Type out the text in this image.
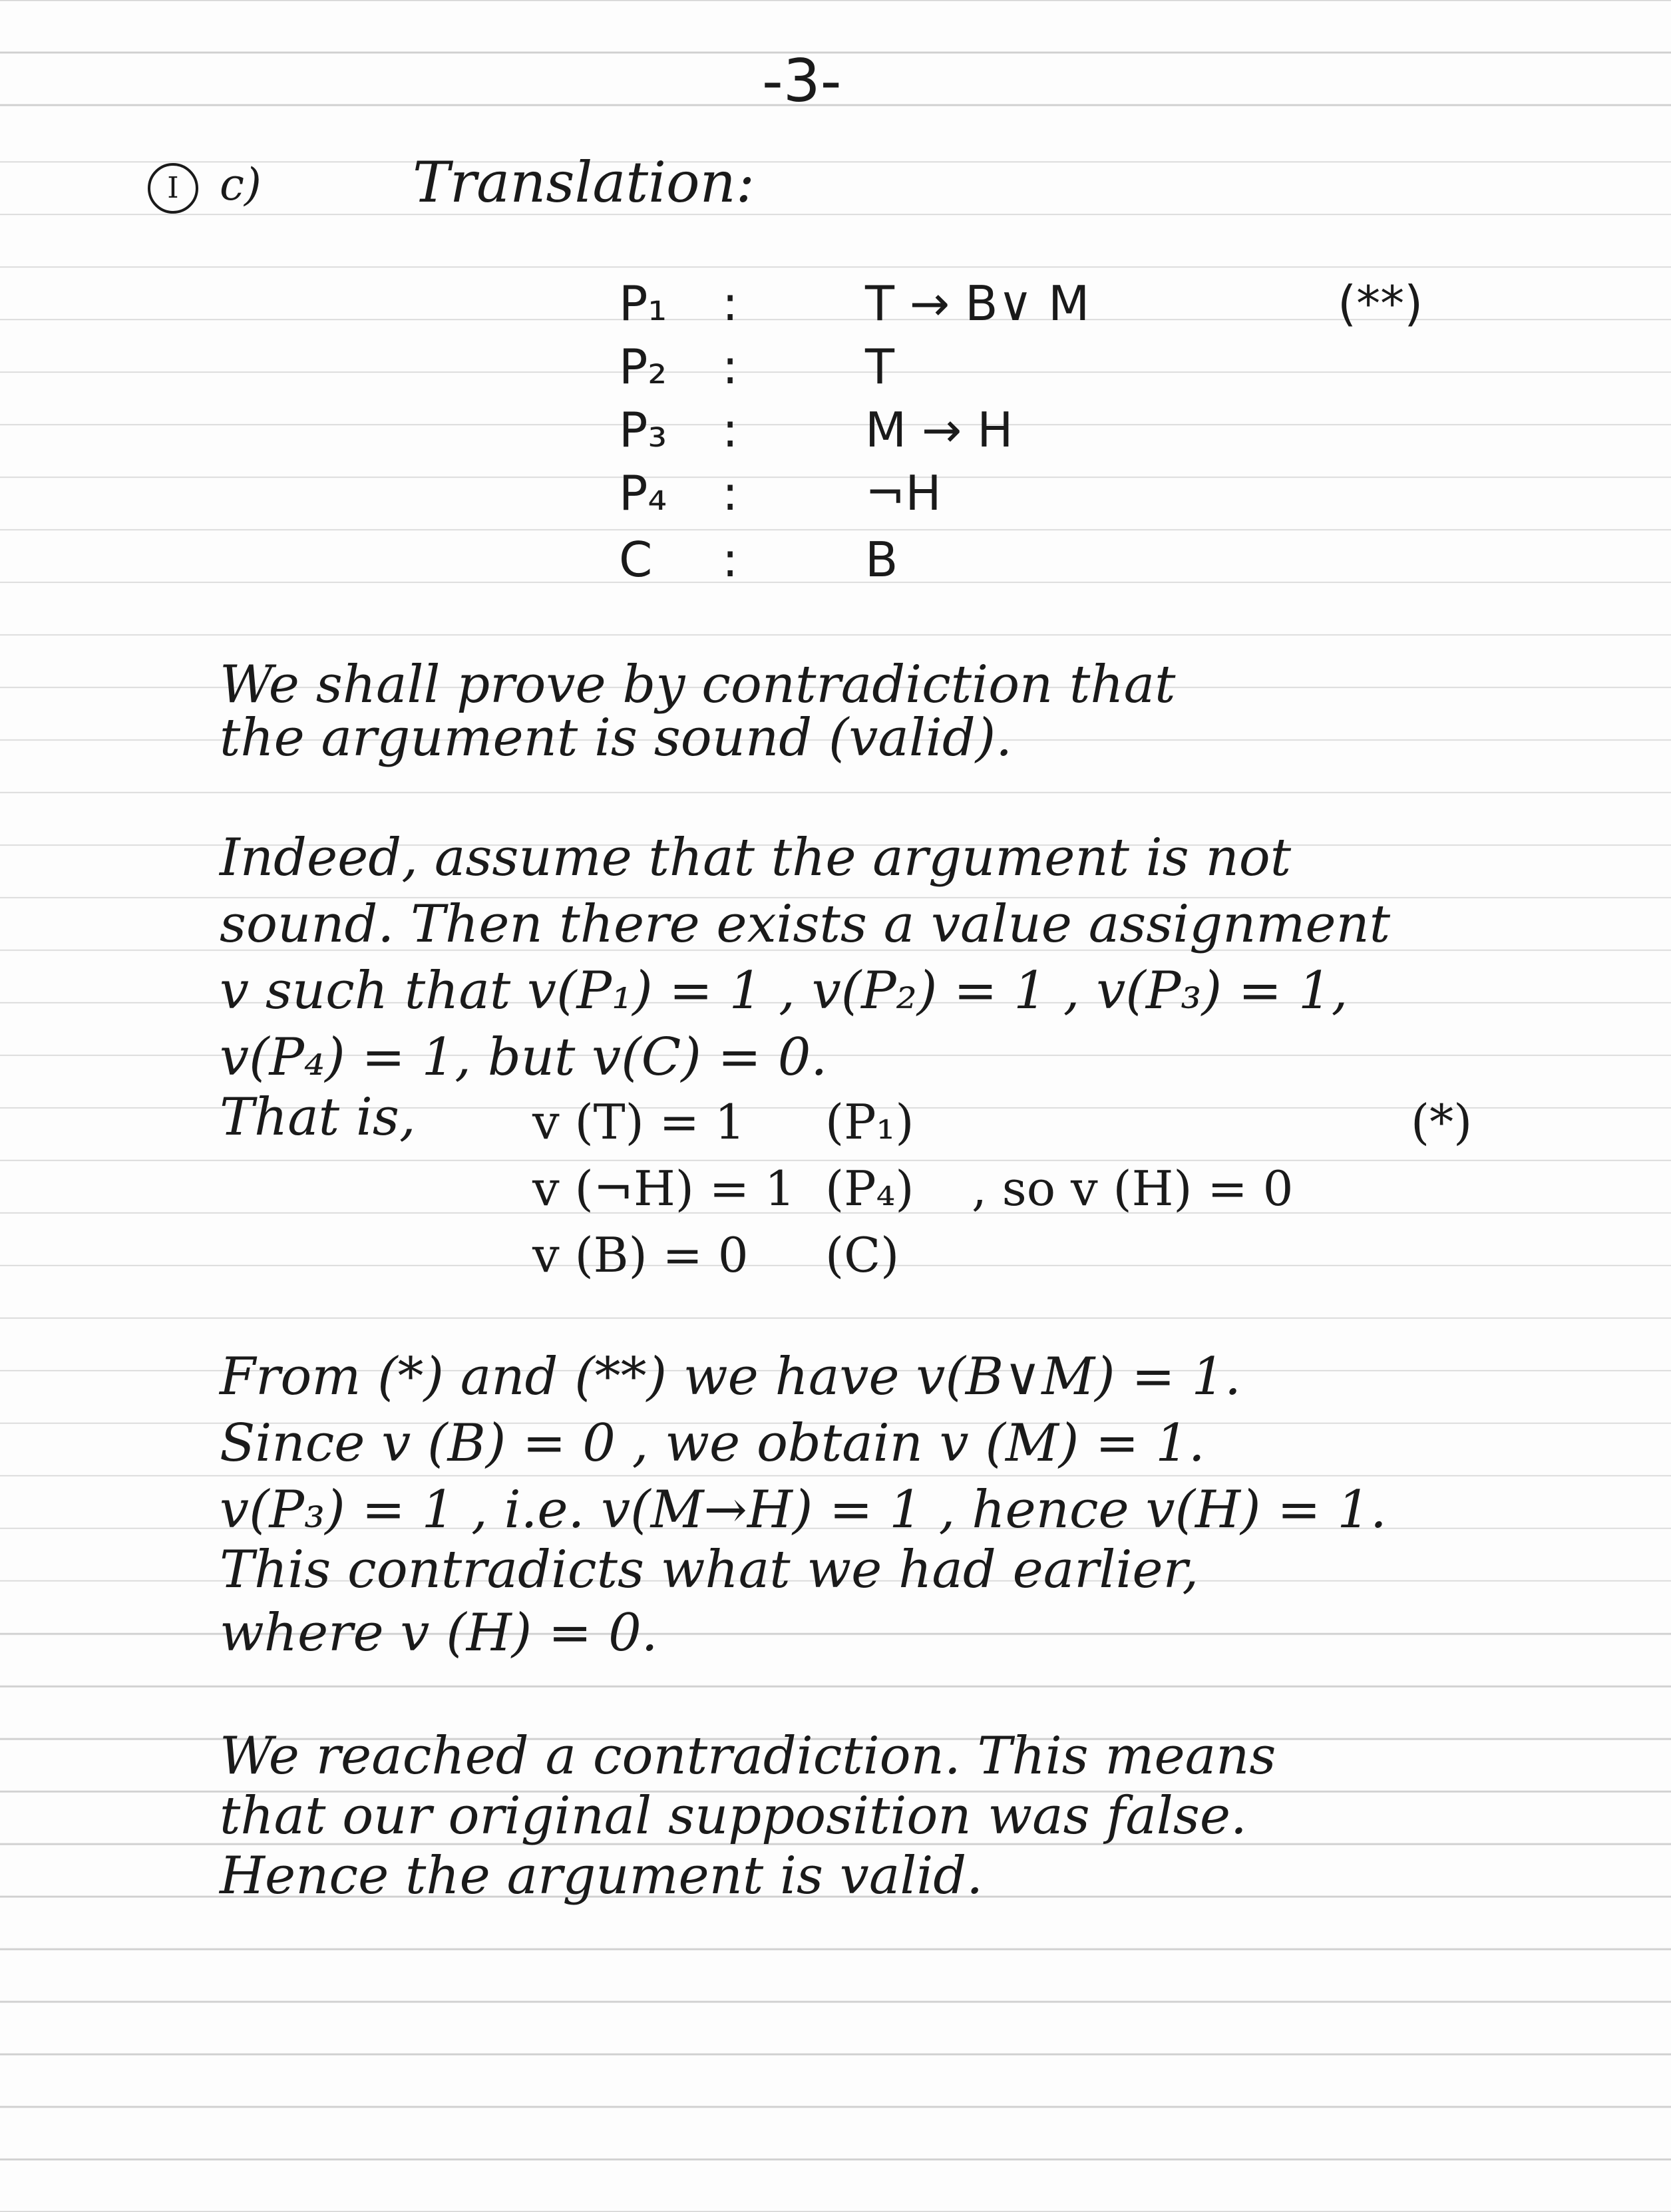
-3-
I c)	Translation:
P₁ :	T → B∨ M	(**)
P₂ :	T
P₃ :	M → H
P₄ :	¬H
C :	B
We shall prove by contradiction that
the argument is sound (valid).
Indeed, assume that the argument is not
sound. Then there exists a value assignment
v such that v(P₁) = 1 , v(P₂) = 1 , v(P₃) = 1,
v(P₄) = 1, but v(C) = 0.
That is,	(*)
v (T) = 1 (P₁)
v (¬H) = 1 (P₄) , so v (H) = 0
v (B) = 0 (C)
From (*) and (**) we have v(B∨M) = 1.
Since v (B) = 0 , we obtain v (M) = 1.
v(P₃) = 1 , i.e. v(M→H) = 1 , hence v(H) = 1.
This contradicts what we had earlier,
where v (H) = 0.
We reached a contradiction. This means
that our original supposition was false.
Hence the argument is valid.
